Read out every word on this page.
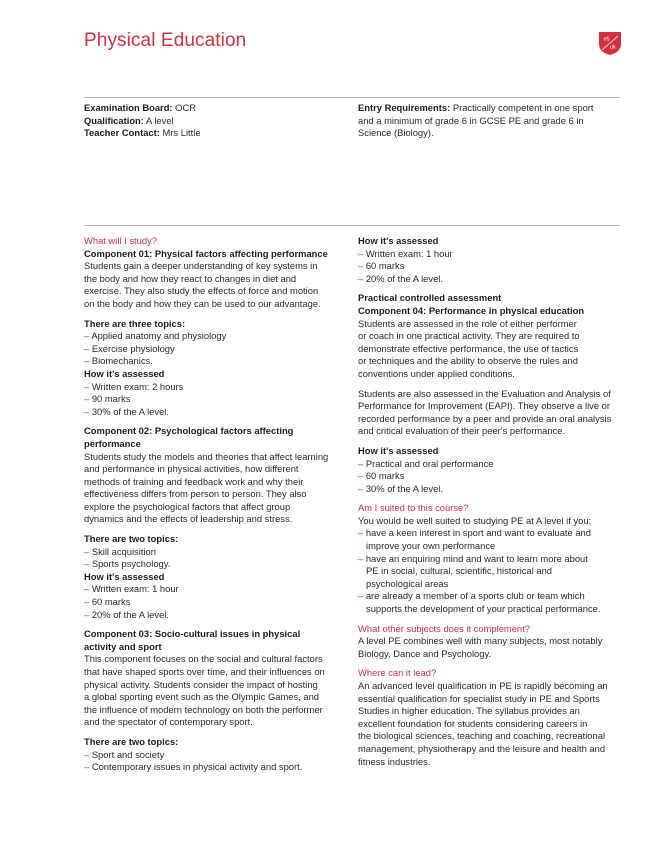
Physical Education	e5
uk
Examination Board: OCR
Qualification: A level
Teacher Contact: Mrs Little
Entry Requirements: Practically competent in one sport
and a minimum of grade 6 in GCSE PE and grade 6 in
Science (Biology).

What will I study?

Component 01: Physical factors affecting performance

Students gain a deeper understanding of key systems in

the body and how they react to changes in diet and

exercise. They also study the effects of force and motion

on the body and how they can be used to our advantage.

There are three topics:

– Applied anatomy and physiology
– Exercise physiology
– Biomechanics.

How it's assessed

– Written exam: 2 hours
– 90 marks
– 30% of the A level.

Component 02: Psychological factors affecting performance

Students study the models and theories that affect learning

and performance in physical activities, how different

methods of training and feedback work and why their

effectiveness differs from person to person. They also

explore the psychological factors that affect group

dynamics and the effects of leadership and stress.

There are two topics:

– Skill acquisition
– Sports psychology.

How it's assessed

– Written exam: 1 hour
– 60 marks
– 20% of the A level.

Component 03: Socio-cultural issues in physical

activity and sport

This component focuses on the social and cultural factors

that have shaped sports over time, and their influences on

physical activity. Students consider the impact of hosting

a global sporting event such as the Olympic Games, and

the influence of modern technology on both the performer

and the spectator of contemporary sport.

There are two topics:

– Sport and society
– Contemporary issues in physical activity and sport.

How it's assessed

– Written exam: 1 hour
– 60 marks
– 20% of the A level.

Practical controlled assessment

Component 04: Performance in physical education

Students are assessed in the role of either performer

or coach in one practical activity. They are required to

demonstrate effective performance, the use of tactics

or techniques and the ability to observe the rules and

conventions under applied conditions.

Students are also assessed in the Evaluation and Analysis of

Performance for Improvement (EAPI). They observe a live or

recorded performance by a peer and provide an oral analysis

and critical evaluation of their peer's performance.

How it's assessed

– Practical and oral performance
– 60 marks
– 30% of the A level.

Am I suited to this course?

You would be well suited to studying PE at A level if you:

– have a keen interest in sport and want to evaluate and
improve your own performance
– have an enquiring mind and want to learn more about
PE in social, cultural, scientific, historical and
psychological areas
– are already a member of a sports club or team which
supports the development of your practical performance.

What other subjects does it complement?

A level PE combines well with many subjects, most notably

Biology, Dance and Psychology.

Where can it lead?

An advanced level qualification in PE is rapidly becoming an

essential qualification for specialist study in PE and Sports

Studies in higher education. The syllabus provides an

excellent foundation for students considering careers in

the biological sciences, teaching and coaching, recreational

management, physiotherapy and the leisure and health and

fitness industries.
